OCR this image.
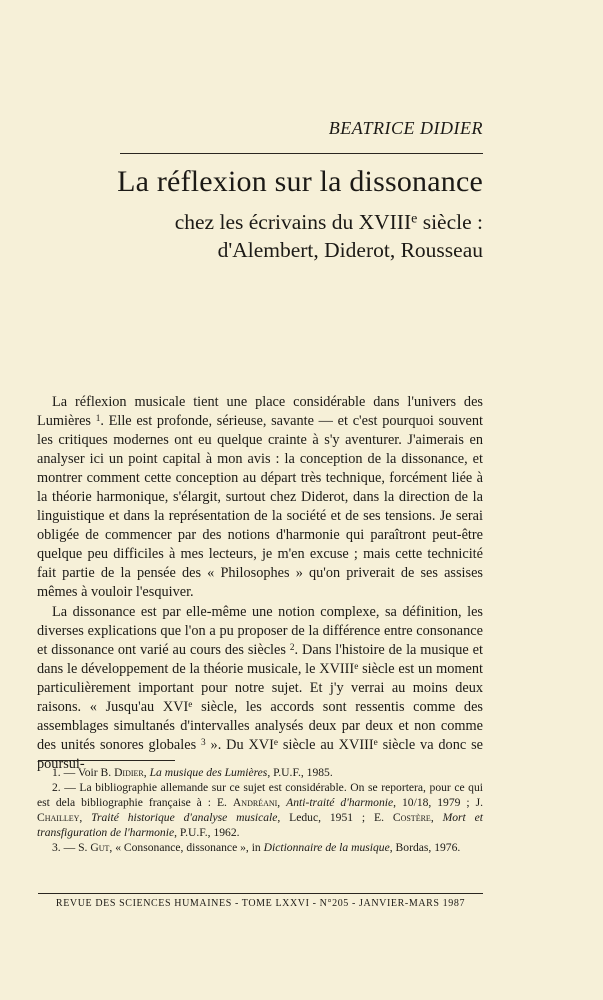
BEATRICE DIDIER
La réflexion sur la dissonance
chez les écrivains du XVIIIe siècle :
d'Alembert, Diderot, Rousseau

La réflexion musicale tient une place considérable dans l'univers des Lumières $^1$. Elle est profonde, sérieuse, savante — et c'est pourquoi souvent les critiques modernes ont eu quelque crainte à s'y aventurer. J'aimerais en analyser ici un point capital à mon avis : la conception de la dissonance, et montrer comment cette conception au départ très technique, forcément liée à la théorie harmonique, s'élargit, surtout chez Diderot, dans la direction de la linguistique et dans la représentation de la société et de ses tensions. Je serai obligée de commencer par des notions d'harmonie qui paraîtront peut-être quelque peu difficiles à mes lecteurs, je m'en excuse ; mais cette technicité fait partie de la pensée des « Philosophes » qu'on priverait de ses assises mêmes à vouloir l'esquiver.

La dissonance est par elle-même une notion complexe, sa définition, les diverses explications que l'on a pu proposer de la différence entre consonance et dissonance ont varié au cours des siècles $^2$. Dans l'histoire de la musique et dans le développement de la théorie musicale, le XVIIIe siècle est un moment particulièrement important pour notre sujet. Et j'y verrai au moins deux raisons. « Jusqu'au XVIe siècle, les accords sont ressentis comme des assemblages simultanés d'intervalles analysés deux par deux et non comme des unités sonores globales $^3$ ». Du XVIe siècle au XVIIIe siècle va donc se poursui-

1. — Voir B. Didier, La musique des Lumières, P.U.F., 1985.

2. — La bibliographie allemande sur ce sujet est considérable. On se reportera, pour ce qui est dela bibliographie française à : E. Andréani, Anti-traité d'harmonie, 10/18, 1979 ; J. Chailley, Traité historique d'analyse musicale, Leduc, 1951 ; E. Costère, Mort et transfiguration de l'harmonie, P.U.F., 1962.

3. — S. Gut, « Consonance, dissonance », in Dictionnaire de la musique, Bordas, 1976.

REVUE DES SCIENCES HUMAINES - TOME LXXVI - N°205 - JANVIER-MARS 1987
